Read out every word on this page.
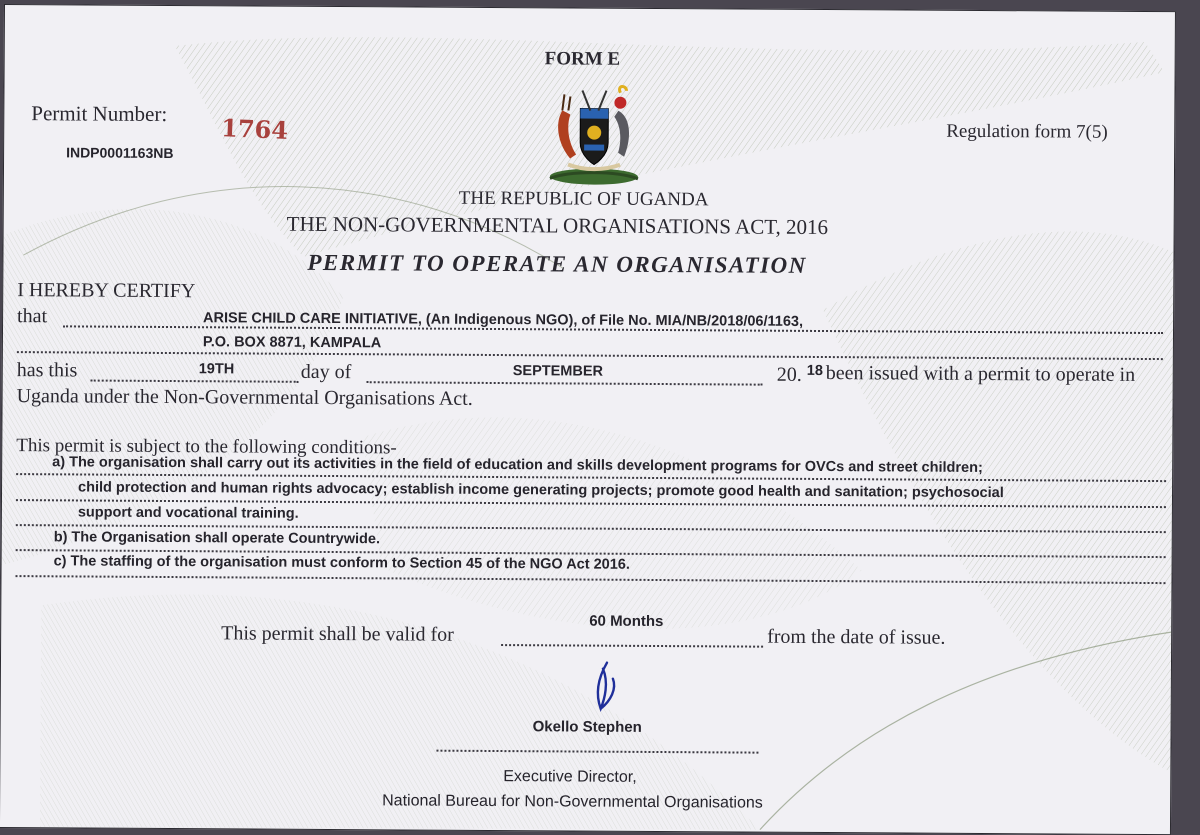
FORM E
Permit Number: 1764
INDP0001163NB
Regulation form 7(5)
THE REPUBLIC OF UGANDA
THE NON-GOVERNMENTAL ORGANISATIONS ACT, 2016
PERMIT TO OPERATE AN ORGANISATION
I HEREBY CERTIFY
that	ARISE CHILD CARE INITIATIVE, (An Indigenous NGO), of File No. MIA/NB/2018/06/1163,
P.O. BOX 8871, KAMPALA
has this	19TH	day of	SEPTEMBER	20. 18 been issued with a permit to operate in
Uganda under the Non-Governmental Organisations Act.
This permit is subject to the following conditions-
a) The organisation shall carry out its activities in the field of education and skills development programs for OVCs and street children;
child protection and human rights advocacy; establish income generating projects; promote good health and sanitation; psychosocial
support and vocational training.
b) The Organisation shall operate Countrywide.
c) The staffing of the organisation must conform to Section 45 of the NGO Act 2016.
60 Months
This permit shall be valid for	from the date of issue.
Okello Stephen
Executive Director,
National Bureau for Non-Governmental Organisations
